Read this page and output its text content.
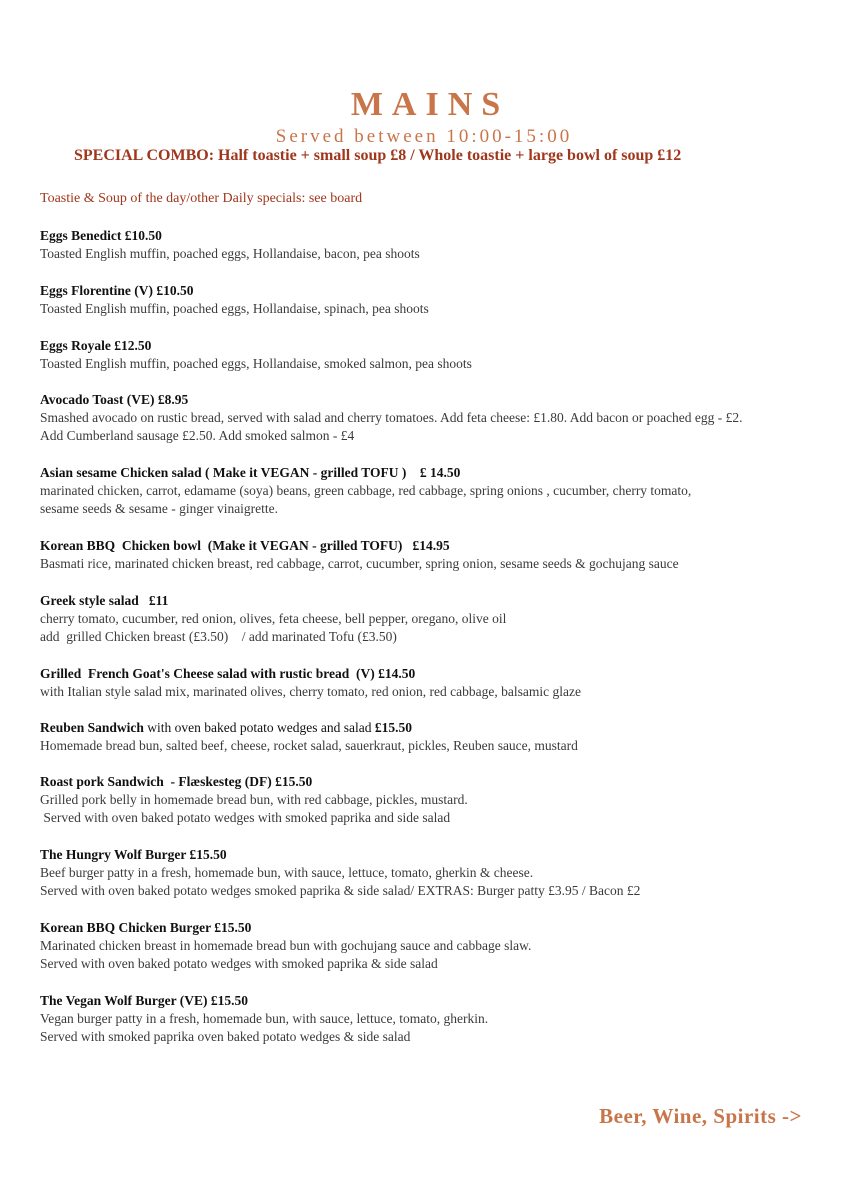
MAINS
Served between 10:00-15:00
SPECIAL COMBO: Half toastie + small soup £8 / Whole toastie + large bowl of soup £12
Toastie & Soup of the day/other Daily specials: see board
Eggs Benedict £10.50
Toasted English muffin, poached eggs, Hollandaise, bacon, pea shoots
Eggs Florentine (V) £10.50
Toasted English muffin, poached eggs, Hollandaise, spinach, pea shoots
Eggs Royale £12.50
Toasted English muffin, poached eggs, Hollandaise, smoked salmon, pea shoots
Avocado Toast (VE) £8.95
Smashed avocado on rustic bread, served with salad and cherry tomatoes. Add feta cheese: £1.80. Add bacon or poached egg - £2.
Add Cumberland sausage £2.50. Add smoked salmon - £4
Asian sesame Chicken salad ( Make it VEGAN - grilled TOFU )    £ 14.50
marinated chicken, carrot, edamame (soya) beans, green cabbage, red cabbage, spring onions , cucumber, cherry tomato,
sesame seeds & sesame - ginger vinaigrette.
Korean BBQ  Chicken bowl  (Make it VEGAN - grilled TOFU)   £14.95
Basmati rice, marinated chicken breast, red cabbage, carrot, cucumber, spring onion, sesame seeds & gochujang sauce
Greek style salad   £11
cherry tomato, cucumber, red onion, olives, feta cheese, bell pepper, oregano, olive oil
add  grilled Chicken breast (£3.50)    / add marinated Tofu (£3.50)
Grilled  French Goat's Cheese salad with rustic bread  (V) £14.50
with Italian style salad mix, marinated olives, cherry tomato, red onion, red cabbage, balsamic glaze
Reuben Sandwich with oven baked potato wedges and salad £15.50
Homemade bread bun, salted beef, cheese, rocket salad, sauerkraut, pickles, Reuben sauce, mustard
Roast pork Sandwich  - Flæskesteg (DF) £15.50
Grilled pork belly in homemade bread bun, with red cabbage, pickles, mustard.
Served with oven baked potato wedges with smoked paprika and side salad
The Hungry Wolf Burger £15.50
Beef burger patty in a fresh, homemade bun, with sauce, lettuce, tomato, gherkin & cheese.
Served with oven baked potato wedges smoked paprika & side salad/ EXTRAS: Burger patty £3.95 / Bacon £2
Korean BBQ Chicken Burger £15.50
Marinated chicken breast in homemade bread bun with gochujang sauce and cabbage slaw.
Served with oven baked potato wedges with smoked paprika & side salad
The Vegan Wolf Burger (VE) £15.50
Vegan burger patty in a fresh, homemade bun, with sauce, lettuce, tomato, gherkin.
Served with smoked paprika oven baked potato wedges & side salad
Beer, Wine, Spirits ->
